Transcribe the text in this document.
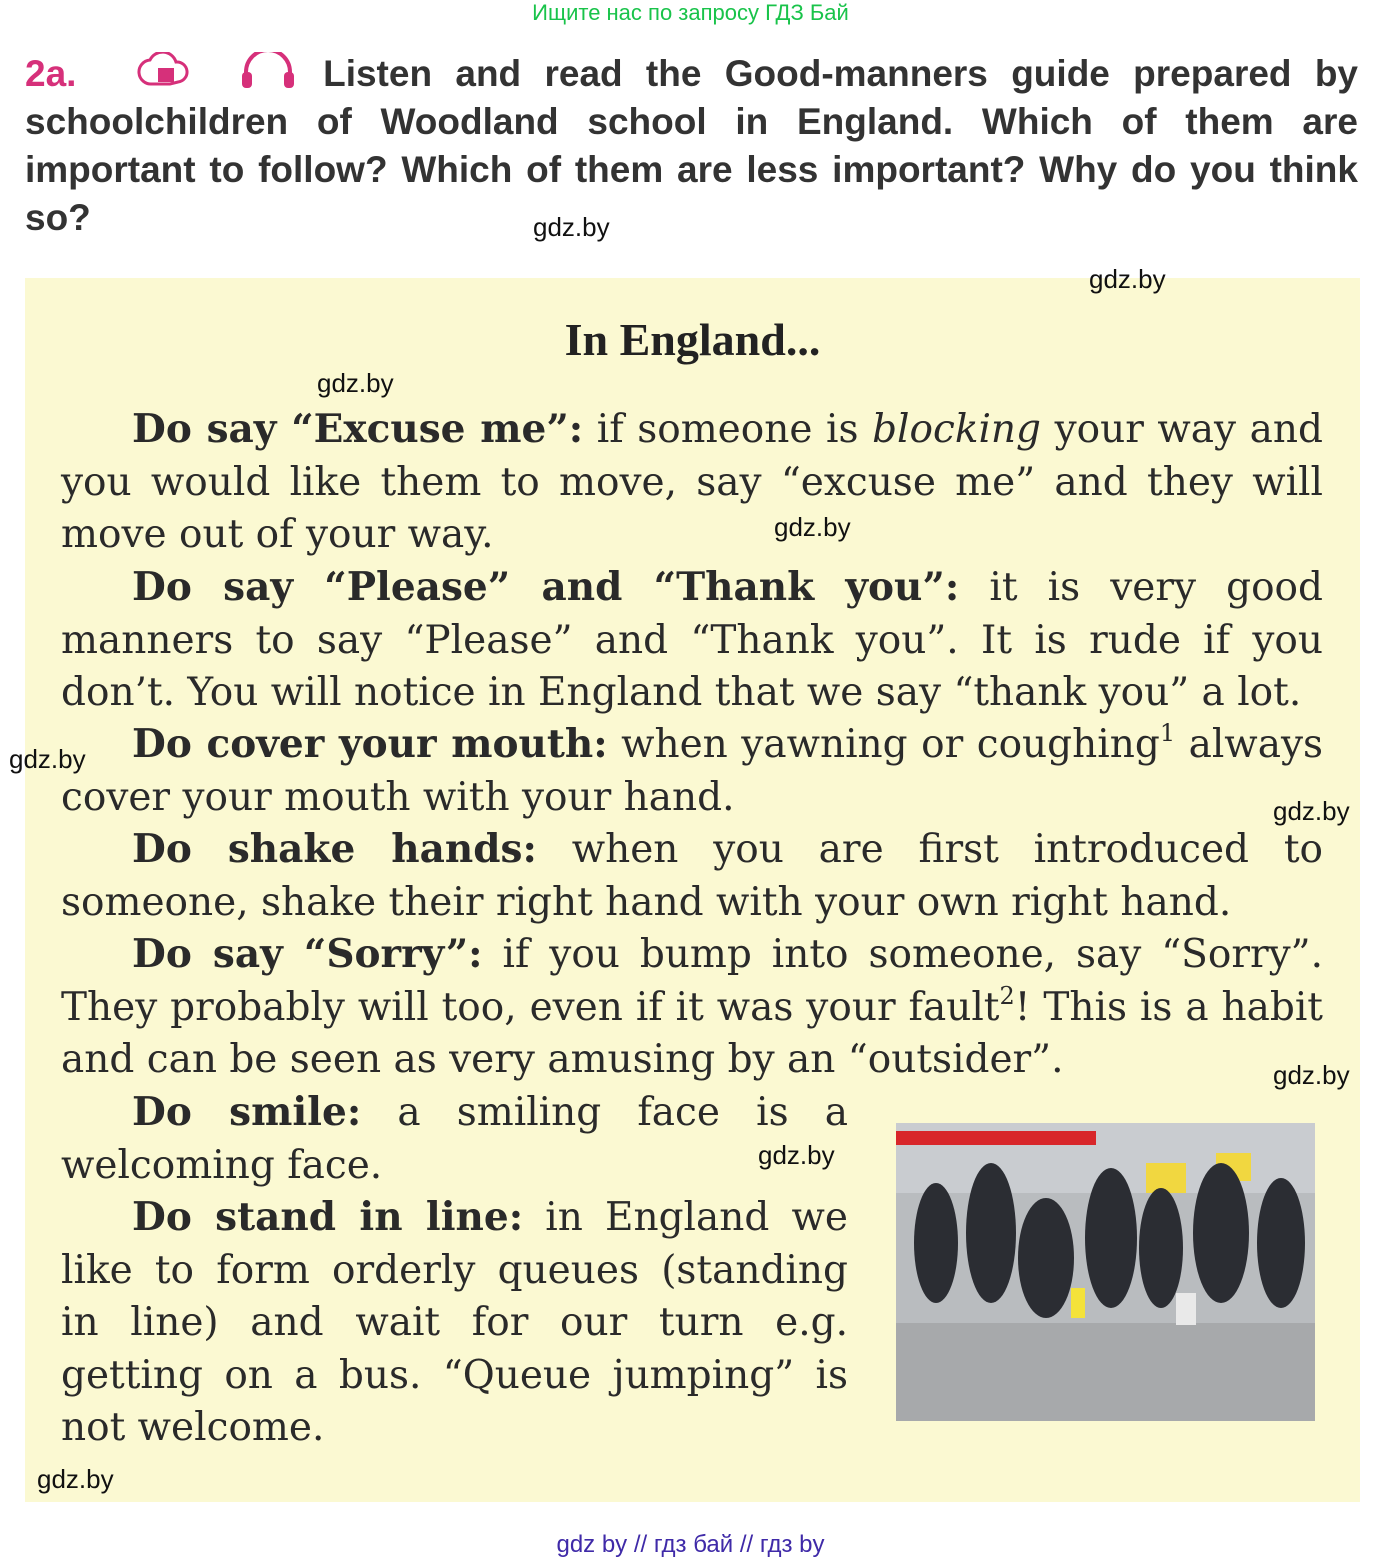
Ищите нас по запросу ГДЗ Бай
2a.	Listen and read the Good-manners guide prepared by schoolchildren of Woodland school in England. Which of them are important to follow? Which of them are less important? Why do you think so?
In England...

Do say “Excuse me”: if someone is blocking your way and you would like them to move, say “excuse me” and they will move out of your way.

Do say “Please” and “Thank you”: it is very good manners to say “Please” and “Thank you”. It is rude if you don’t. You will notice in England that we say “thank you” a lot.

Do cover your mouth: when yawning or coughing$^1$ always cover your mouth with your hand.

Do shake hands: when you are first introduced to someone, shake their right hand with your own right hand.

Do say “Sorry”: if you bump into someone, say “Sorry”. They probably will too, even if it was your fault$^2$! This is a habit and can be seen as very amusing by an “outsider”.

Do smile: a smiling face is a welcoming face.

Do stand in line: in England we like to form orderly queues (standing in line) and wait for our turn e.g. getting on a bus. “Queue jumping” is not welcome.

gdz.by
gdz.by
gdz.by
gdz.by
gdz.by
gdz.by
gdz.by
gdz.by
gdz.by
gdz by // гдз бай // гдз by
